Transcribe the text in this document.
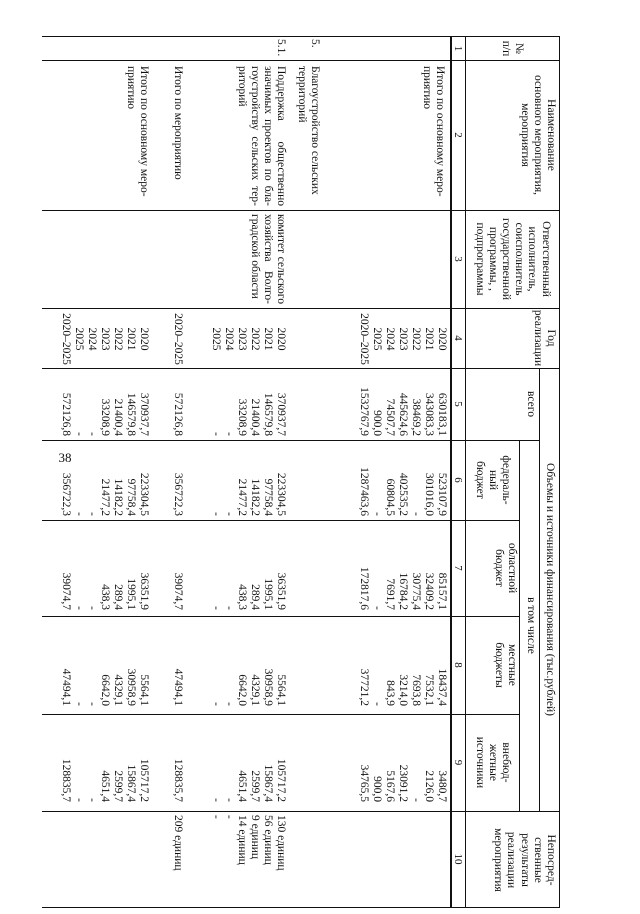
38
№
п/п
Наименование
основного мероприятия,
мероприятия
Ответственный
исполнитель,
соисполнитель
государственной
программы, ,
подпрограммы
Год
реализации
Объемы и источники финансирования (тыс.рублей)
всего
в том числе
федераль-
ный
бюджет
областной
бюджет
местные
бюджеты
внебюд-
жетные
источники
Непосред-
ственные
результаты
реализации
мероприятия
1
2
3
4
5
6
7
8
9
10
Итого по основному меро-
приятию
2020
2021
2022
2023
2024
2025
2020–2025
630183,1
343083,3
38469,2
445624,6
74507,7
900,0
1532767,9
523107,9
301016,0
-
402535,2
60804,5
-
1287463,6
85157,1
32409,2
30775,4
16784,2
7691,7
-
172817,6
18437,4
7532,1
7693,8
3214,0
843,9
-
37721,2
3480,7
2126,0
-
23091,2
5167,6
900,0
34765,5
5.
Благоустройство сельских
территорий
5.1.
Поддержка общественно значимых проектов по бла-гоустройству сельских тер-риторий
комитет сельского хозяйства Волго-градской области
2020
2021
2022
2023
2024
2025
370937,7
146579,8
21400,4
33208,9
-
-
223304,5
97758,4
14182,2
21477,2
-
-
36351,9
1995,1
289,4
438,3
-
-
5564,1
30958,9
4329,1
6642,0
-
-
105717,2
15867,4
2599,7
4651,4
-
-
130 единиц
56 единиц
9 единиц
14 единиц
-
-
Итого по мероприятию
2020–2025
572126,8
356722,3
39074,7
47494,1
128835,7
209 единиц
Итого по основному меро-
приятию
2020
2021
2022
2023
2024
2025
2020–2025
370937,7
146579,8
21400,4
33208,9
-
-
572126,8
223304,5
97758,4
14182,2
21477,2
-
-
356722,3
36351,9
1995,1
289,4
438,3
-
-
39074,7
5564,1
30958,9
4329,1
6642,0
-
-
47494,1
105717,2
15867,4
2599,7
4651,4
-
-
128835,7
